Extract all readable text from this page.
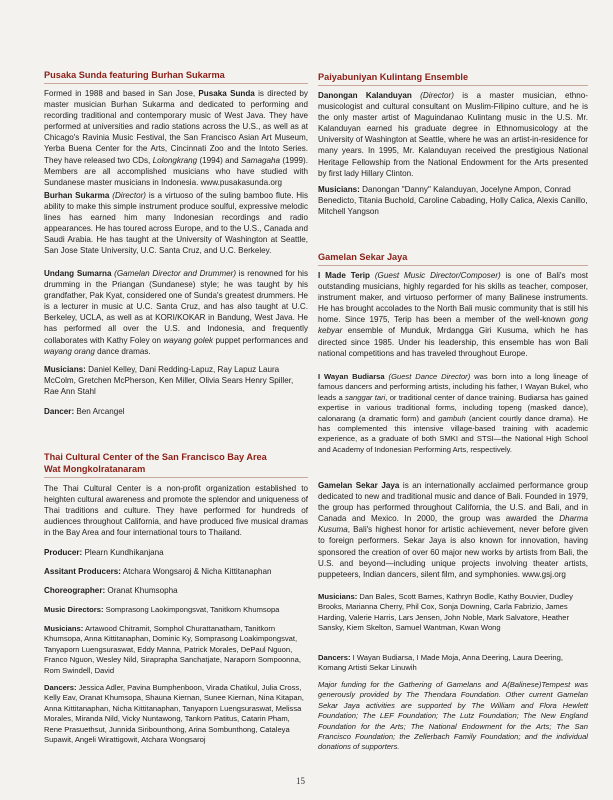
Pusaka Sunda featuring Burhan Sukarma

Formed in 1988 and based in San Jose, Pusaka Sunda is directed by master musician Burhan Sukarma and dedicated to performing and recording traditional and contemporary music of West Java. They have performed at universities and radio stations across the U.S., as well as at Chicago's Ravinia Music Festival, the San Francisco Asian Art Museum, Yerba Buena Center for the Arts, Cincinnati Zoo and the Intoto Series. They have released two CDs, Lolongkrang (1994) and Samagaha (1999). Members are all accomplished musicians who have studied with Sundanese master musicians in Indonesia. www.pusakasunda.org

Burhan Sukarma (Director) is a virtuoso of the suling bamboo flute. His ability to make this simple instrument produce soulful, expressive melodic lines has earned him many Indonesian recordings and radio appearances. He has toured across Europe, and to the U.S., Canada and Saudi Arabia. He has taught at the University of Washington at Seattle, San Jose State University, U.C. Santa Cruz, and U.C. Berkeley.

Undang Sumarna (Gamelan Director and Drummer) is renowned for his drumming in the Priangan (Sundanese) style; he was taught by his grandfather, Pak Kyat, considered one of Sunda's greatest drummers. He is a lecturer in music at U.C. Santa Cruz, and has also taught at U.C. Berkeley, UCLA, as well as at KORI/KOKAR in Bandung, West Java. He has performed all over the U.S. and Indonesia, and frequently collaborates with Kathy Foley on wayang golek puppet performances and wayang orang dance dramas.

Musicians: Daniel Kelley, Dani Redding-Lapuz, Ray Lapuz Laura McColm, Gretchen McPherson, Ken Miller, Olivia Sears Henry Spiller, Rae Ann Stahl

Dancer: Ben Arcangel

Thai Cultural Center of the San Francisco Bay Area
Wat Mongkolratanaram

The Thai Cultural Center is a non-profit organization established to heighten cultural awareness and promote the splendor and uniqueness of Thai traditions and culture. They have performed for hundreds of audiences throughout California, and have produced five musical dramas in the Bay Area and four international tours to Thailand.

Producer: Plearn Kundhikanjana

Assitant Producers: Atchara Wongsaroj & Nicha Kittitanaphan

Choreographer: Oranat Khumsopha

Music Directors: Somprasong Laokimpongsvat, Tanitkorn Khumsopa

Musicians: Artawood Chitramit, Somphol Churattanatham, Tanitkorn Khumsopa, Anna Kittitanaphan, Dominic Ky, Somprasong Loakimpongsvat, Tanyaporn Luengsuraswat, Eddy Manna, Patrick Morales, DePaul Nguon, Franco Nguon, Wesley Nild, Siraprapha Sanchatjate, Naraporn Sompoonna, Rom Swindell, David

Dancers: Jessica Adler, Pavina Bumphenboon, Virada Chatikul, Julia Cross, Kelly Eav, Oranat Khumsopa, Shauna Kiernan, Sunee Kiernan, Nina Kitapan, Anna Kittitanaphan, Nicha Kittitanaphan, Tanyaporn Luengsuraswat, Melissa Morales, Miranda Nild, Vicky Nuntawong, Tankorn Patitus, Catarin Pham, Rene Prasuethsut, Junnida Siribounthong, Arina Sombunthong, Cataleya Supawit, Angeli Wirattigowit, Atchara Wongsaroj

Paiyabuniyan Kulintang Ensemble

Danongan Kalanduyan (Director) is a master musician, ethno-musicologist and cultural consultant on Muslim-Filipino culture, and he is the only master artist of Maguindanao Kulintang music in the U.S. Mr. Kalanduyan earned his graduate degree in Ethnomusicology at the University of Washington at Seattle, where he was an artist-in-residence for many years. In 1995, Mr. Kalanduyan received the prestigious National Heritage Fellowship from the National Endowment for the Arts presented by first lady Hillary Clinton.

Musicians: Danongan "Danny" Kalanduyan, Jocelyne Ampon, Conrad Benedicto, Titania Buchold, Caroline Cabading, Holly Calica, Alexis Canillo, Mitchell Yangson

Gamelan Sekar Jaya

I Made Terip (Guest Music Director/Composer) is one of Bali's most outstanding musicians, highly regarded for his skills as teacher, composer, instrument maker, and virtuoso performer of many Balinese instruments. He has brought accolades to the North Bali music community that is still his home. Since 1975, Terip has been a member of the well-known gong kebyar ensemble of Munduk, Mrdangga Giri Kusuma, which he has directed since 1985. Under his leadership, this ensemble has won Bali national competitions and has traveled throughout Europe.

I Wayan Budiarsa (Guest Dance Director) was born into a long lineage of famous dancers and performing artists, including his father, I Wayan Bukel, who leads a sanggar tari, or traditional center of dance training. Budiarsa has gained expertise in various traditional forms, including topeng (masked dance), calonarang (a dramatic form) and gambuh (ancient courtly dance drama). He has complemented this intensive village-based training with academic experience, as a graduate of both SMKI and STSI—the National High School and Academy of Indonesian Performing Arts, respectively.

Gamelan Sekar Jaya is an internationally acclaimed performance group dedicated to new and traditional music and dance of Bali. Founded in 1979, the group has performed throughout California, the U.S. and Bali, and in Canada and Mexico. In 2000, the group was awarded the Dharma Kusuma, Bali's highest honor for artistic achievement, never before given to foreign performers. Sekar Jaya is also known for innovation, having sponsored the creation of over 60 major new works by artists from Bali, the U.S. and beyond—including unique projects involving theater artists, puppeteers, Indian dancers, silent film, and symphonies. www.gsj.org

Musicians: Dan Bales, Scott Barnes, Kathryn Bodle, Kathy Bouvier, Dudley Brooks, Marianna Cherry, Phil Cox, Sonja Downing, Carla Fabrizio, James Harding, Valerie Harris, Lars Jensen, John Noble, Mark Salvatore, Heather Sansky, Kiem Skelton, Samuel Wantman, Kwan Wong

Dancers: I Wayan Budiarsa, I Made Moja, Anna Deering, Laura Deering, Komang Artisti Sekar Linuwih

Major funding for the Gathering of Gamelans and A(Balinese)Tempest was generously provided by The Thendara Foundation. Other current Gamelan Sekar Jaya activities are supported by The William and Flora Hewlett Foundation; The LEF Foundation; The Lutz Foundation; The New England Foundation for the Arts; The National Endowment for the Arts; The San Francisco Foundation; the Zellerbach Family Foundation; and the individual donations of supporters.

15
